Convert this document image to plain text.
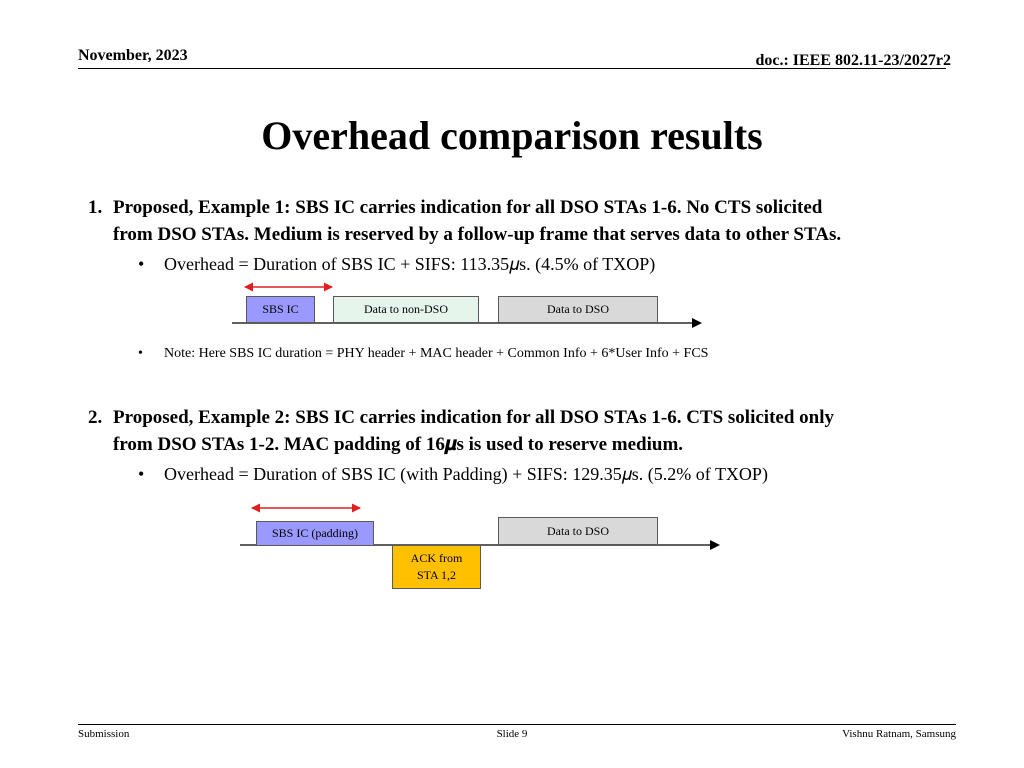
November, 2023	doc.: IEEE 802.11-23/2027r2
Overhead comparison results
1. Proposed, Example 1: SBS IC carries indication for all DSO STAs 1-6. No CTS solicited
from DSO STAs. Medium is reserved by a follow-up frame that serves data to other STAs.
• Overhead = Duration of SBS IC + SIFS: 113.35𝜇s. (4.5% of TXOP)
SBS IC	Data to non-DSO	Data to DSO
• Note: Here SBS IC duration = PHY header + MAC header + Common Info + 6*User Info + FCS
2. Proposed, Example 2: SBS IC carries indication for all DSO STAs 1-6. CTS solicited only
from DSO STAs 1-2. MAC padding of 16𝝁s is used to reserve medium.
• Overhead = Duration of SBS IC (with Padding) + SIFS: 129.35𝜇s. (5.2% of TXOP)
SBS IC (padding)	Data to DSO
ACK from
STA 1,2
Submission	Slide 9	Vishnu Ratnam, Samsung
